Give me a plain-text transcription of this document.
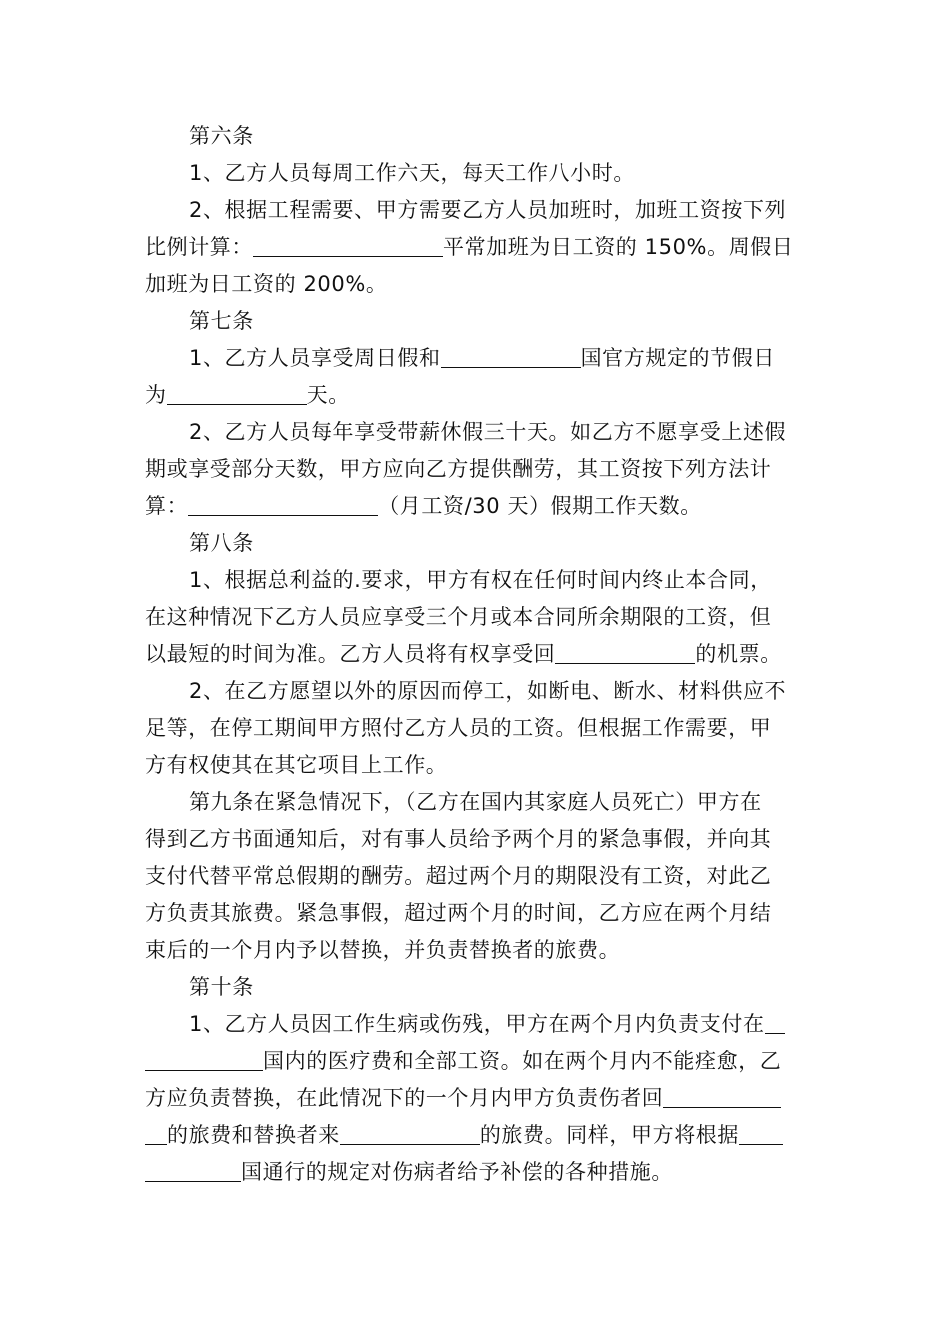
第六条
1、乙方人员每周工作六天，每天工作八小时。
2、根据工程需要、甲方需要乙方人员加班时，加班工资按下列
比例计算：	平常加班为日工资的 150%。周假日
加班为日工资的 200%。
第七条
1、乙方人员享受周日假和	国官方规定的节假日
为	天。
2、乙方人员每年享受带薪休假三十天。如乙方不愿享受上述假
期或享受部分天数，甲方应向乙方提供酬劳，其工资按下列方法计
算：	（月工资/30 天）假期工作天数。
第八条
1、根据总利益的.要求，甲方有权在任何时间内终止本合同，
在这种情况下乙方人员应享受三个月或本合同所余期限的工资，但
以最短的时间为准。乙方人员将有权享受回	的机票。
2、在乙方愿望以外的原因而停工，如断电、断水、材料供应不
足等，在停工期间甲方照付乙方人员的工资。但根据工作需要，甲
方有权使其在其它项目上工作。
第九条在紧急情况下，（乙方在国内其家庭人员死亡）甲方在
得到乙方书面通知后，对有事人员给予两个月的紧急事假，并向其
支付代替平常总假期的酬劳。超过两个月的期限没有工资，对此乙
方负责其旅费。紧急事假，超过两个月的时间，乙方应在两个月结
束后的一个月内予以替换，并负责替换者的旅费。
第十条
1、乙方人员因工作生病或伤残，甲方在两个月内负责支付在
国内的医疗费和全部工资。如在两个月内不能痊愈，乙
方应负责替换，在此情况下的一个月内甲方负责伤者回
的旅费和替换者来	的旅费。同样，甲方将根据
国通行的规定对伤病者给予补偿的各种措施。
